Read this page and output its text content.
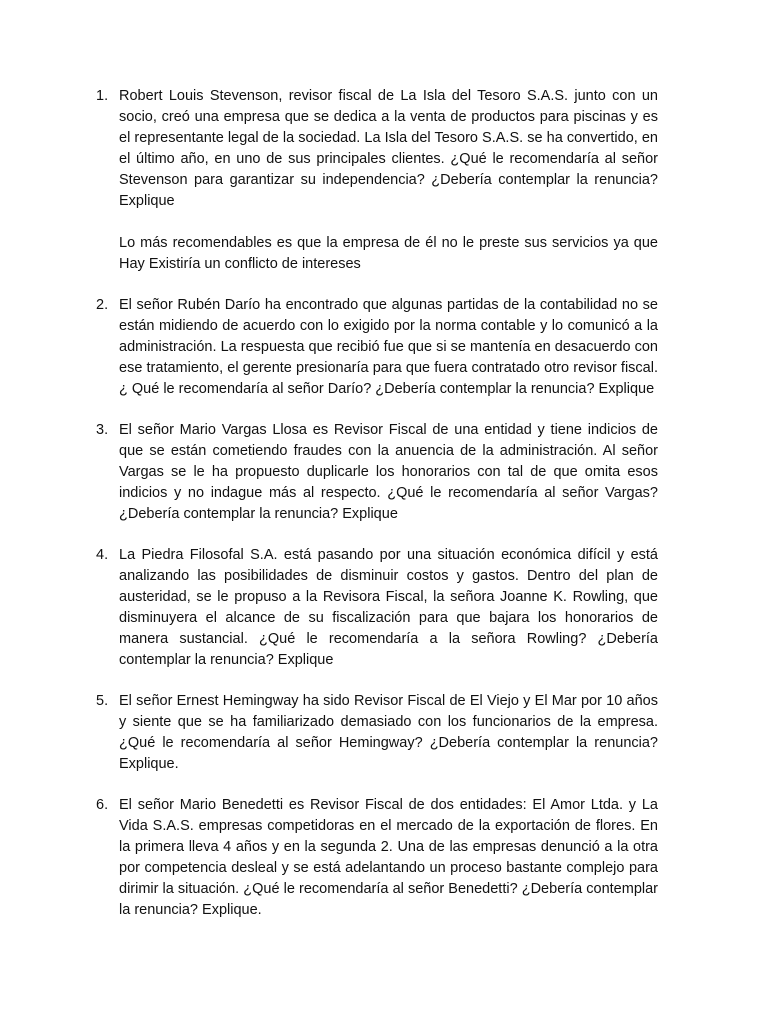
1. Robert Louis Stevenson, revisor fiscal de La Isla del Tesoro S.A.S. junto con un socio, creó una empresa que se dedica a la venta de productos para piscinas y es el representante legal de la sociedad. La Isla del Tesoro S.A.S. se ha convertido, en el último año, en uno de sus principales clientes. ¿Qué le recomendaría al señor Stevenson para garantizar su independencia? ¿Debería contemplar la renuncia? Explique

Lo más recomendables es que la empresa de él no le preste sus servicios ya que Hay Existiría un conflicto de intereses

2. El señor Rubén Darío ha encontrado que algunas partidas de la contabilidad no se están midiendo de acuerdo con lo exigido por la norma contable y lo comunicó a la administración. La respuesta que recibió fue que si se mantenía en desacuerdo con ese tratamiento, el gerente presionaría para que fuera contratado otro revisor fiscal. ¿ Qué le recomendaría al señor Darío? ¿Debería contemplar la renuncia? Explique

3. El señor Mario Vargas Llosa es Revisor Fiscal de una entidad y tiene indicios de que se están cometiendo fraudes con la anuencia de la administración. Al señor Vargas se le ha propuesto duplicarle los honorarios con tal de que omita esos indicios y no indague más al respecto. ¿Qué le recomendaría al señor Vargas? ¿Debería contemplar la renuncia? Explique

4. La Piedra Filosofal S.A. está pasando por una situación económica difícil y está analizando las posibilidades de disminuir costos y gastos. Dentro del plan de austeridad, se le propuso a la Revisora Fiscal, la señora Joanne K. Rowling, que disminuyera el alcance de su fiscalización para que bajara los honorarios de manera sustancial. ¿Qué le recomendaría a la señora Rowling? ¿Debería contemplar la renuncia? Explique

5. El señor Ernest Hemingway ha sido Revisor Fiscal de El Viejo y El Mar por 10 años y siente que se ha familiarizado demasiado con los funcionarios de la empresa. ¿Qué le recomendaría al señor Hemingway? ¿Debería contemplar la renuncia? Explique.

6. El señor Mario Benedetti es Revisor Fiscal de dos entidades: El Amor Ltda. y La Vida S.A.S. empresas competidoras en el mercado de la exportación de flores. En la primera lleva 4 años y en la segunda 2. Una de las empresas denunció a la otra por competencia desleal y se está adelantando un proceso bastante complejo para dirimir la situación. ¿Qué le recomendaría al señor Benedetti? ¿Debería contemplar la renuncia? Explique.
